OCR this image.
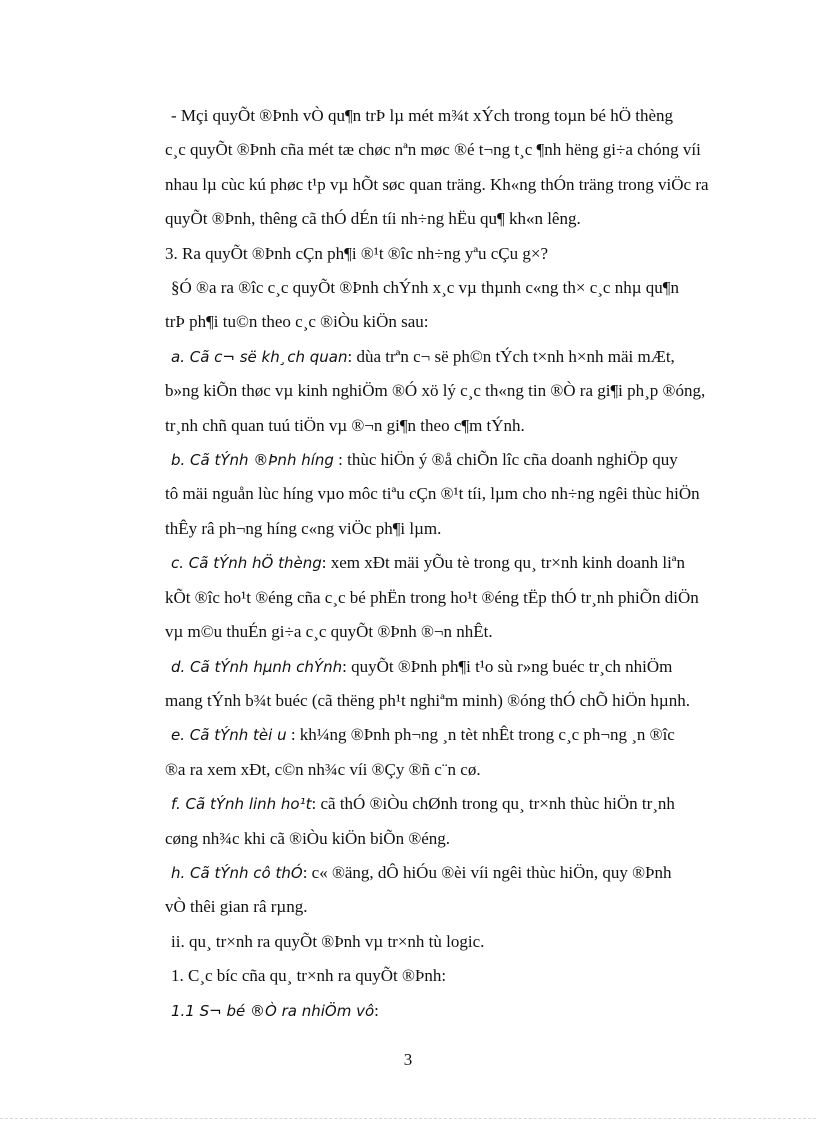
- Mçi quyÕt ®Þnh vÒ qu¶n trÞ lµ mét m¾t xÝch trong toµn bé hÖ thèng
c¸c quyÕt ®Þnh cña mét tæ chøc nªn møc ®é t¬ng t¸c ¶nh hëng gi÷a chóng víi
nhau lµ cùc kú phøc t¹p vµ hÕt søc quan träng. Kh«ng thÓn träng trong viÖc ra
quyÕt ®Þnh, thêng cã thÓ dÉn tíi nh÷ng hËu qu¶ kh«n lêng.
3. Ra quyÕt ®Þnh cÇn ph¶i ®¹t ®îc nh÷ng yªu cÇu g×?
§Ó ®a ra ®îc c¸c quyÕt ®Þnh chÝnh x¸c vµ thµnh c«ng th× c¸c nhµ qu¶n
trÞ ph¶i tu©n theo c¸c ®iÒu kiÖn sau:
a. Cã c¬ së kh¸ch quan: dùa trªn c¬ së ph©n tÝch t×nh h×nh mäi mÆt,
b»ng kiÕn thøc vµ kinh nghiÖm ®Ó xö lý c¸c th«ng tin ®Ò ra gi¶i ph¸p ®óng,
tr¸nh chñ quan tuú tiÖn vµ ®¬n gi¶n theo c¶m tÝnh.
b. Cã tÝnh ®Þnh híng : thùc hiÖn ý ®å chiÕn lîc cña doanh nghiÖp quy
tô mäi nguån lùc híng vµo môc tiªu cÇn ®¹t tíi, lµm cho nh÷ng ngêi thùc hiÖn
thÊy râ ph¬ng híng c«ng viÖc ph¶i lµm.
c. Cã tÝnh hÖ thèng: xem xÐt mäi yÕu tè trong qu¸ tr×nh kinh doanh liªn
kÕt ®îc ho¹t ®éng cña c¸c bé phËn trong ho¹t ®éng tËp thÓ tr¸nh phiÕn diÖn
vµ m©u thuÉn gi÷a c¸c quyÕt ®Þnh ®¬n nhÊt.
d. Cã tÝnh hµnh chÝnh: quyÕt ®Þnh ph¶i t¹o sù r»ng buéc tr¸ch nhiÖm
mang tÝnh b¾t buéc (cã thëng ph¹t nghiªm minh) ®óng thÓ chÕ hiÖn hµnh.
e. Cã tÝnh tèi u : kh¼ng ®Þnh ph¬ng ¸n tèt nhÊt trong c¸c ph¬ng ¸n ®îc
®a ra xem xÐt, c©n nh¾c víi ®Çy ®ñ c¨n cø.
f. Cã tÝnh linh ho¹t: cã thÓ ®iÒu chØnh trong qu¸ tr×nh thùc hiÖn tr¸nh
cøng nh¾c khi cã ®iÒu kiÖn biÕn ®éng.
h. Cã tÝnh cô thÓ: c« ®äng, dÔ hiÓu ®èi víi ngêi thùc hiÖn, quy ®Þnh
vÒ thêi gian râ rµng.
ii. qu¸ tr×nh ra quyÕt ®Þnh vµ tr×nh tù logic.
1. C¸c bíc cña qu¸ tr×nh ra quyÕt ®Þnh:
1.1 S¬ bé ®Ò ra nhiÖm vô:
3
